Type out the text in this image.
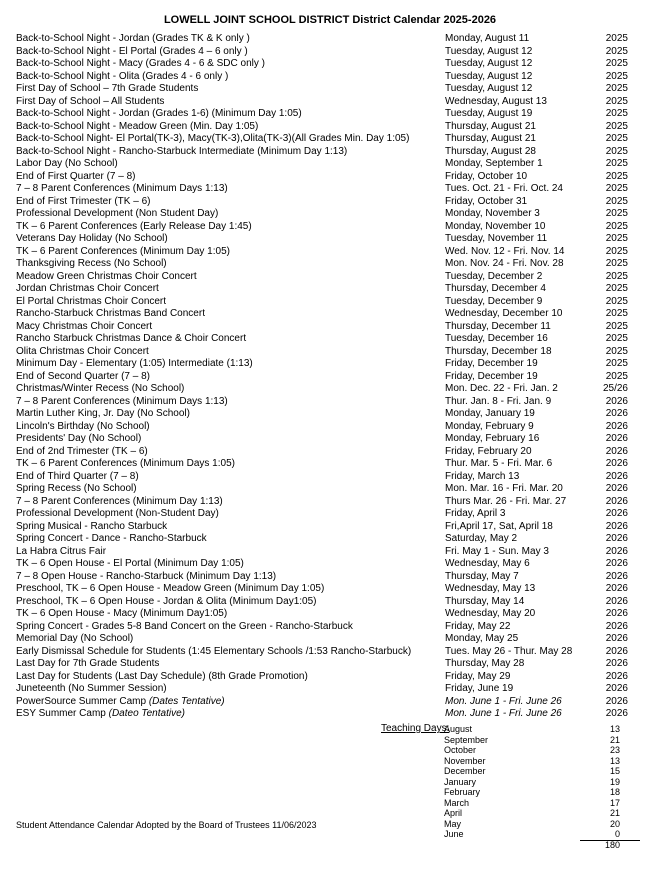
LOWELL JOINT SCHOOL DISTRICT District Calendar 2025-2026
Back-to-School Night - Jordan (Grades TK & K only )	Monday, August 11	2025
Back-to-School Night - El Portal (Grades 4 – 6 only )	Tuesday, August 12	2025
Back-to-School Night - Macy (Grades 4 - 6 & SDC only )	Tuesday, August 12	2025
Back-to-School Night - Olita (Grades 4 - 6 only )	Tuesday, August 12	2025
First Day of School – 7th Grade Students	Tuesday, August 12	2025
First Day of School – All Students	Wednesday, August 13	2025
Back-to-School Night - Jordan (Grades 1-6) (Minimum Day 1:05)	Tuesday, August 19	2025
Back-to-School Night - Meadow Green (Min. Day 1:05)	Thursday, August 21	2025
Back-to-School Night- El Portal(TK-3), Macy(TK-3),Olita(TK-3)(All Grades Min. Day 1:05)	Thursday, August 21	2025
Back-to-School Night - Rancho-Starbuck Intermediate (Minimum Day 1:13)	Thursday, August 28	2025
Labor Day (No School)	Monday, September 1	2025
End of First Quarter (7 – 8)	Friday, October 10	2025
7 – 8 Parent Conferences (Minimum Days 1:13)	Tues. Oct. 21 - Fri. Oct. 24	2025
End of First Trimester (TK – 6)	Friday, October 31	2025
Professional Development (Non Student Day)	Monday, November 3	2025
TK – 6 Parent Conferences (Early Release Day 1:45)	Monday, November 10	2025
Veterans Day Holiday (No School)	Tuesday, November 11	2025
TK – 6 Parent Conferences (Minimum Day 1:05)	Wed. Nov. 12 - Fri. Nov. 14	2025
Thanksgiving Recess (No School)	Mon. Nov. 24 - Fri. Nov. 28	2025
Meadow Green Christmas Choir Concert	Tuesday, December 2	2025
Jordan Christmas Choir Concert	Thursday, December 4	2025
El Portal Christmas Choir Concert	Tuesday, December 9	2025
Rancho-Starbuck Christmas Band Concert	Wednesday, December 10	2025
Macy Christmas Choir Concert	Thursday, December 11	2025
Rancho Starbuck Christmas Dance & Choir Concert	Tuesday, December 16	2025
Olita Christmas Choir Concert	Thursday, December 18	2025
Minimum Day - Elementary (1:05) Intermediate (1:13)	Friday, December 19	2025
End of Second Quarter (7 – 8)	Friday, December 19	2025
Christmas/Winter Recess (No School)	Mon. Dec. 22 - Fri. Jan. 2	25/26
7 – 8 Parent Conferences (Minimum Days 1:13)	Thur. Jan. 8 - Fri. Jan. 9	2026
Martin Luther King, Jr. Day (No School)	Monday, January 19	2026
Lincoln's Birthday (No School)	Monday, February 9	2026
Presidents' Day (No School)	Monday, February 16	2026
End of 2nd Trimester (TK – 6)	Friday, February 20	2026
TK – 6 Parent Conferences (Minimum Days 1:05)	Thur. Mar. 5 - Fri. Mar. 6	2026
End of Third Quarter (7 – 8)	Friday, March 13	2026
Spring Recess (No School)	Mon. Mar. 16 - Fri. Mar. 20	2026
7 – 8 Parent Conferences (Minimum Day 1:13)	Thurs Mar. 26 - Fri. Mar. 27	2026
Professional Development (Non-Student Day)	Friday, April 3	2026
Spring Musical - Rancho Starbuck	Fri,April 17, Sat, April 18	2026
Spring Concert - Dance - Rancho-Starbuck	Saturday, May 2	2026
La Habra Citrus Fair	Fri. May 1 - Sun. May 3	2026
TK – 6 Open House - El Portal (Minimum Day 1:05)	Wednesday, May 6	2026
7 – 8 Open House - Rancho-Starbuck (Minimum Day 1:13)	Thursday, May 7	2026
Preschool, TK – 6 Open House - Meadow Green (Minimum Day 1:05)	Wednesday, May 13	2026
Preschool, TK – 6 Open House - Jordan & Olita (Minimum Day1:05)	Thursday, May 14	2026
TK – 6 Open House - Macy (Minimum Day1:05)	Wednesday, May 20	2026
Spring Concert - Grades 5-8 Band Concert on the Green - Rancho-Starbuck	Friday, May 22	2026
Memorial Day (No School)	Monday, May 25	2026
Early Dismissal Schedule for Students (1:45 Elementary Schools /1:53 Rancho-Starbuck)	Tues. May 26 - Thur. May 28	2026
Last Day for 7th Grade Students	Thursday, May 28	2026
Last Day for Students (Last Day Schedule) (8th Grade Promotion)	Friday, May 29	2026
Juneteenth (No Summer Session)	Friday, June 19	2026
PowerSource Summer Camp (Dates Tentative)	Mon. June 1 - Fri. June 26	2026
ESY Summer Camp (Dateo Tentative)	Mon. June 1 - Fri. June 26	2026
Teaching Days:
August	13
September	21
October	23
November	13
December	15
January	19
February	18
March	17
April	21
May	20
June	0
180
Student Attendance Calendar Adopted by the Board of Trustees 11/06/2023
